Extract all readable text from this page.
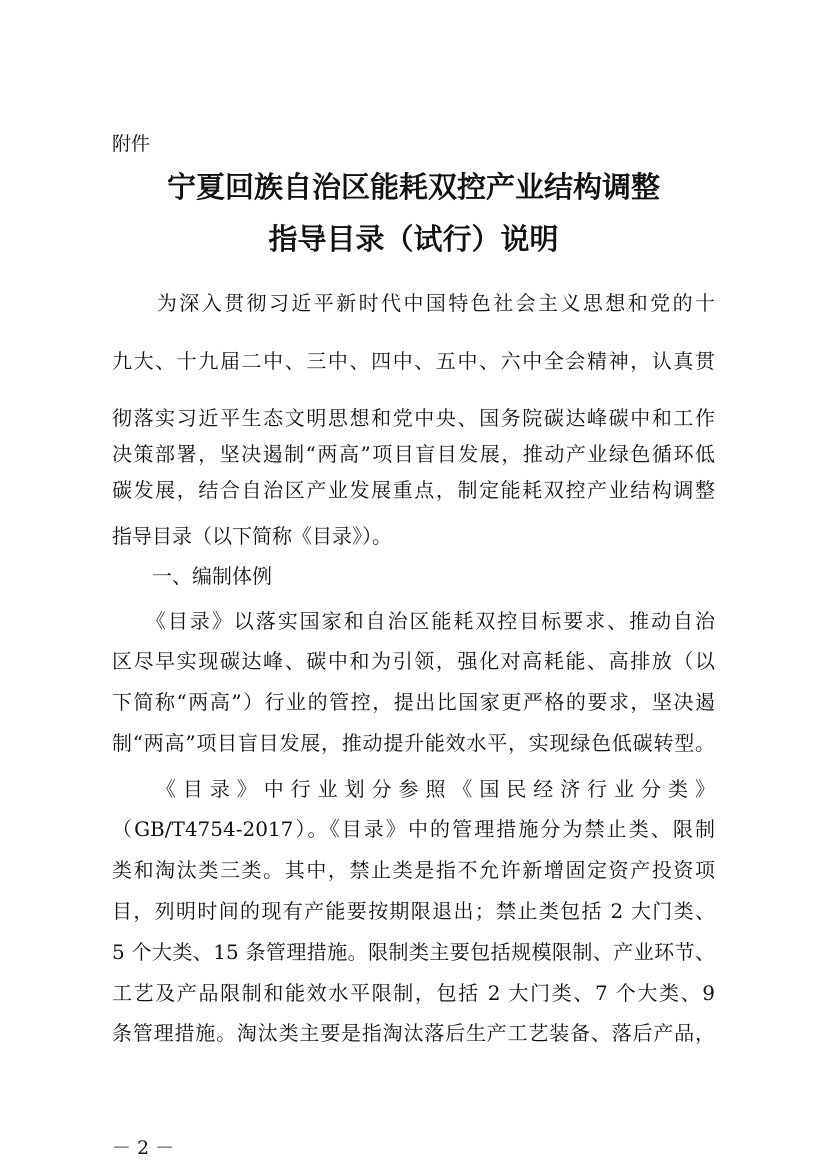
附件
宁夏回族自治区能耗双控产业结构调整
指导目录（试行）说明
　　为深入贯彻习近平新时代中国特色社会主义思想和党的十
九大、十九届二中、三中、四中、五中、六中全会精神，认真贯
彻落实习近平生态文明思想和党中央、国务院碳达峰碳中和工作
决策部署，坚决遏制“两高”项目盲目发展，推动产业绿色循环低
碳发展，结合自治区产业发展重点，制定能耗双控产业结构调整
指导目录（以下简称《目录》）。
　　一、编制体例
　　《目录》以落实国家和自治区能耗双控目标要求、推动自治
区尽早实现碳达峰、碳中和为引领，强化对高耗能、高排放（以
下简称“两高”）行业的管控，提出比国家更严格的要求，坚决遏
制“两高”项目盲目发展，推动提升能效水平，实现绿色低碳转型。
　　《目录》中行业划分参照《国民经济行业分类》
（GB/T4754-2017）。《目录》中的管理措施分为禁止类、限制
类和淘汰类三类。其中，禁止类是指不允许新增固定资产投资项
目，列明时间的现有产能要按期限退出；禁止类包括 2 大门类、
5 个大类、15 条管理措施。限制类主要包括规模限制、产业环节、
工艺及产品限制和能效水平限制，包括 2 大门类、7 个大类、9
条管理措施。淘汰类主要是指淘汰落后生产工艺装备、落后产品，
－ 2 －
